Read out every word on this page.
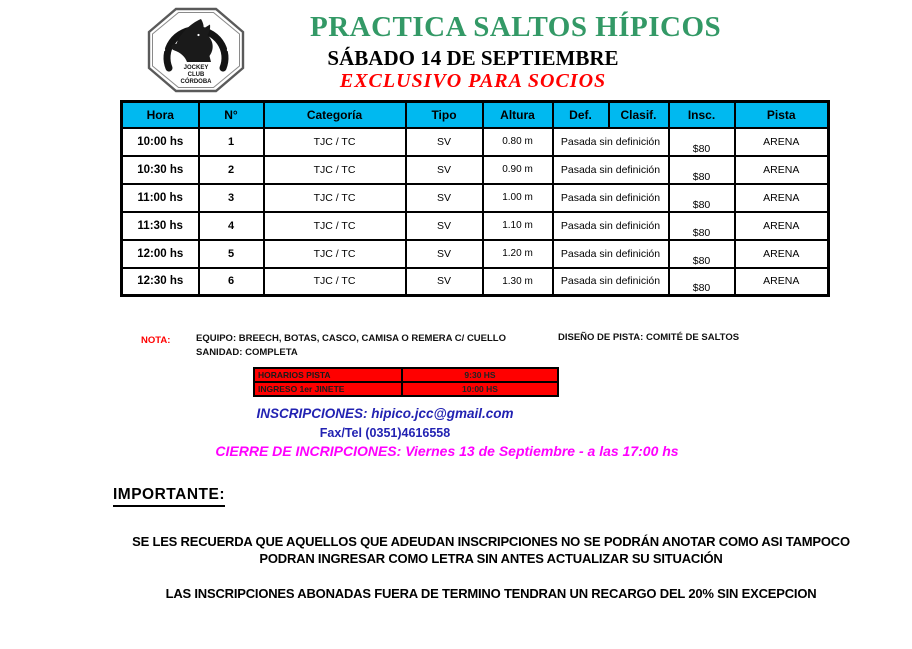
JOCKEY
CLUB
CÓRDOBA
PRACTICA SALTOS HÍPICOS
SÁBADO 14 DE SEPTIEMBRE
EXCLUSIVO PARA SOCIOS
Hora	N°	Categoría	Tipo	Altura	Def.	Clasif.	Insc.	Pista
10:00 hs	1	TJC / TC	SV	0.80 m	Pasada sin definición		$80	ARENA
10:30 hs	2	TJC / TC	SV	0.90 m	Pasada sin definición		$80	ARENA
11:00 hs	3	TJC / TC	SV	1.00 m	Pasada sin definición		$80	ARENA
11:30 hs	4	TJC / TC	SV	1.10 m	Pasada sin definición		$80	ARENA
12:00 hs	5	TJC / TC	SV	1.20 m	Pasada sin definición		$80	ARENA
12:30 hs	6	TJC / TC	SV	1.30 m	Pasada sin definición		$80	ARENA
NOTA:	EQUIPO: BREECH, BOTAS, CASCO, CAMISA O REMERA C/ CUELLO
SANIDAD: COMPLETA
DISEÑO DE PISTA: COMITÉ DE SALTOS
HORARIOS PISTA	9:30 HS
INGRESO 1er JINETE	10:00 HS
INSCRIPCIONES: hipico.jcc@gmail.com
Fax/Tel (0351)4616558
CIERRE DE INCRIPCIONES: Viernes 13 de Septiembre - a las 17:00 hs
IMPORTANTE:
SE LES RECUERDA QUE AQUELLOS QUE ADEUDAN INSCRIPCIONES NO SE PODRÁN ANOTAR COMO ASI TAMPOCO
PODRAN INGRESAR COMO LETRA SIN ANTES ACTUALIZAR SU SITUACIÓN
LAS INSCRIPCIONES ABONADAS FUERA DE TERMINO TENDRAN UN RECARGO DEL 20% SIN EXCEPCION
